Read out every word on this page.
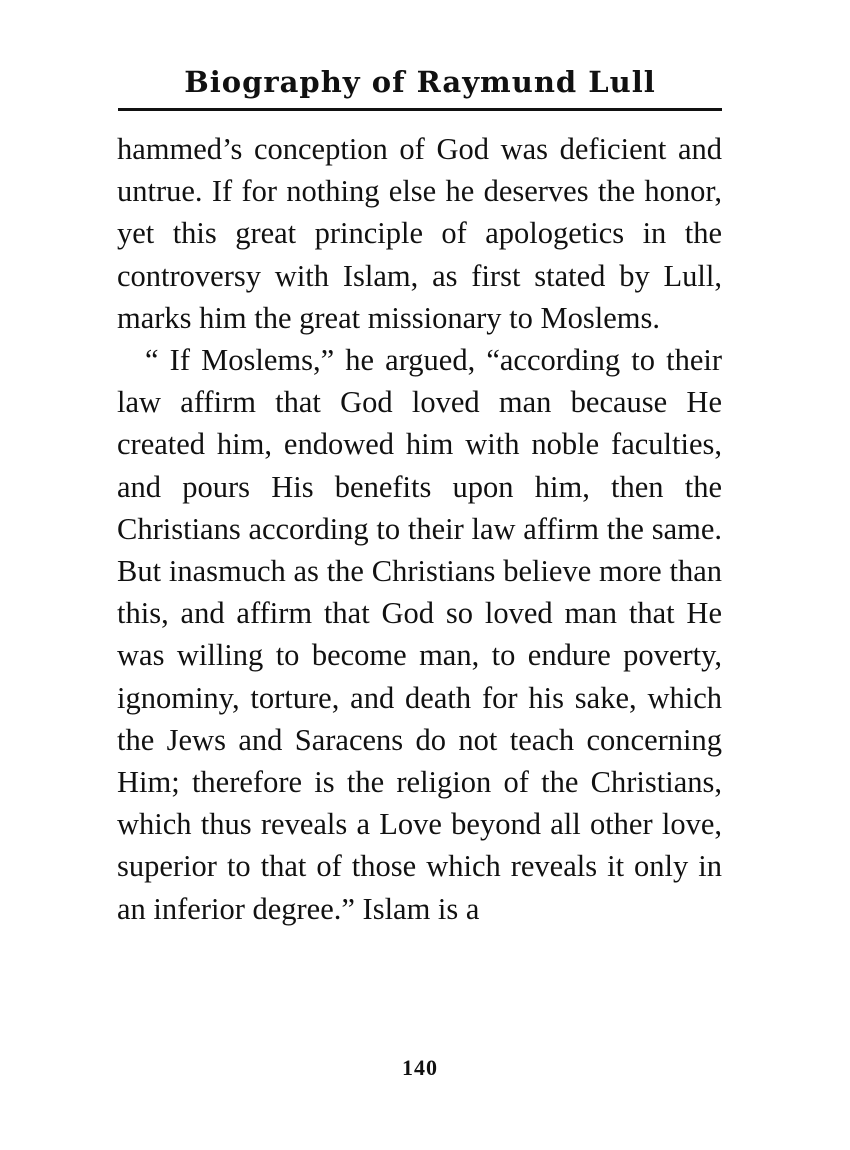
Biography of Raymund Lull

hammed’s conception of God was deficient and untrue. If for nothing else he deserves the honor, yet this great principle of apologetics in the controversy with Islam, as first stated by Lull, marks him the great missionary to Moslems.

“ If Moslems,” he argued, “according to their law affirm that God loved man because He created him, endowed him with noble faculties, and pours His benefits upon him, then the Christians according to their law affirm the same. But inasmuch as the Christians believe more than this, and affirm that God so loved man that He was willing to become man, to endure poverty, ignominy, torture, and death for his sake, which the Jews and Saracens do not teach concerning Him; therefore is the religion of the Christians, which thus reveals a Love beyond all other love, superior to that of those which reveals it only in an inferior degree.” Islam is a

140
